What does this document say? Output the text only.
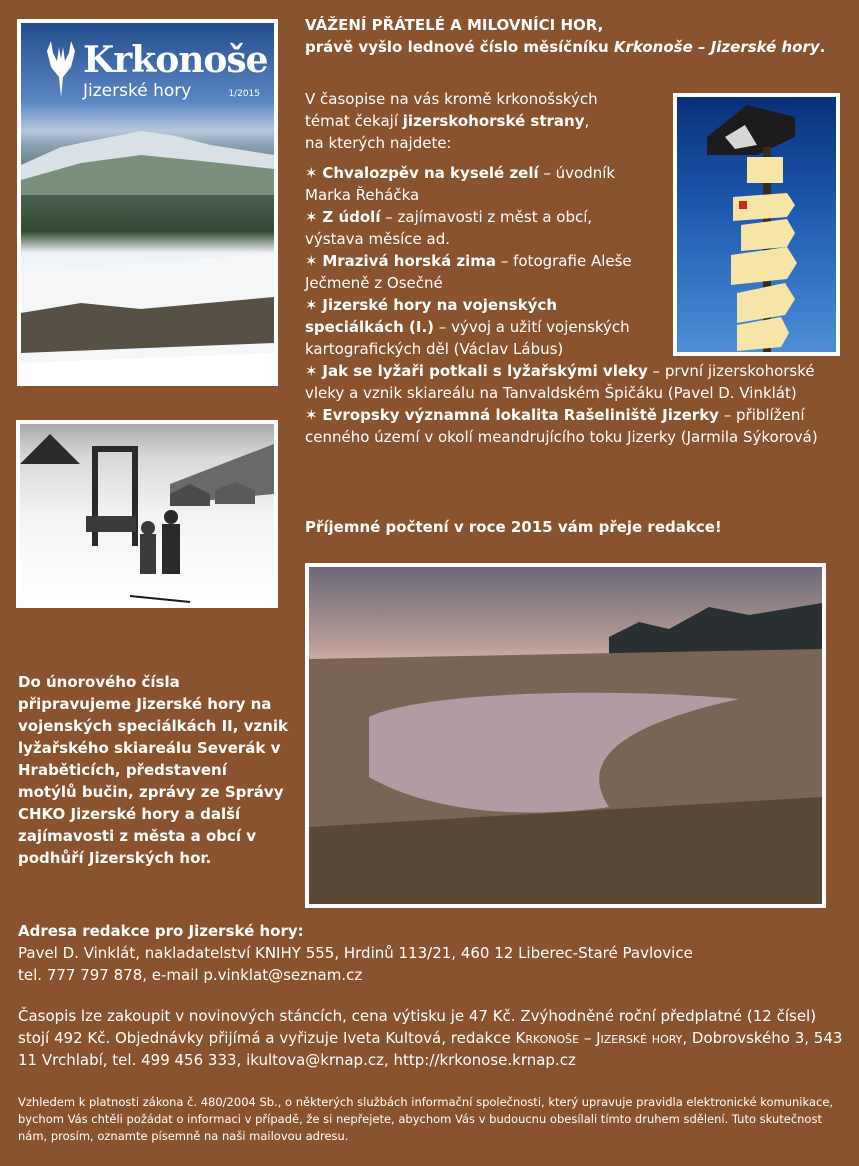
Krkonoše
Jizerské hory	1/2015

VÁŽENÍ PŘÁTELÉ A MILOVNÍCI HOR,
právě vyšlo lednové číslo měsíčníku Krkonoše – Jizerské hory.

V časopise na vás kromě krkonošských
témat čekají jizerskohorské strany,
na kterých najdete:

✶ Chvalozpěv na kyselé zelí – úvodník Marka Řeháčka

✶ Z údolí – zajímavosti z měst a obcí, výstava měsíce ad.

✶ Mrazivá horská zima – fotografie Aleše Ječmeně z Osečné

✶ Jizerské hory na vojenských speciálkách (I.) – vývoj a užití vojenských kartografických děl (Václav Lábus)

✶ Jak se lyžaři potkali s lyžařskými vleky – první jizerskohorské vleky a vznik skiareálu na Tanvaldském Špičáku (Pavel D. Vinklát)

✶ Evropsky významná lokalita Rašeliniště Jizerky – přiblížení cenného území v okolí meandrujícího toku Jizerky (Jarmila Sýkorová)

Příjemné počtení v roce 2015 vám přeje redakce!

Do únorového čísla připravujeme Jizerské hory na vojenských speciálkách II, vznik lyžařského skiareálu Severák v Hraběticích, představení motýlů bučin, zprávy ze Správy CHKO Jizerské hory a další zajímavosti z města a obcí v podhůří Jizerských hor.

Adresa redakce pro Jizerské hory:
Pavel D. Vinklát, nakladatelství KNIHY 555, Hrdinů 113/21, 460 12 Liberec-Staré Pavlovice
tel. 777 797 878, e-mail p.vinklat@seznam.cz

Časopis lze zakoupit v novinových stáncích, cena výtisku je 47 Kč. Zvýhodněné roční předplatné (12 čísel) stojí 492 Kč. Objednávky přijímá a vyřizuje Iveta Kultová, redakce Krkonoše – Jizerské hory, Dobrovského 3, 543 11 Vrchlabí, tel. 499 456 333, ikultova@krnap.cz, http://krkonose.krnap.cz

Vzhledem k platnosti zákona č. 480/2004 Sb., o některých službách informační společnosti, který upravuje pravidla elektronické komunikace, bychom Vás chtěli požádat o informaci v případě, že si nepřejete, abychom Vás v budoucnu obesílali tímto druhem sdělení. Tuto skutečnost nám, prosím, oznamte písemně na naši mailovou adresu.
